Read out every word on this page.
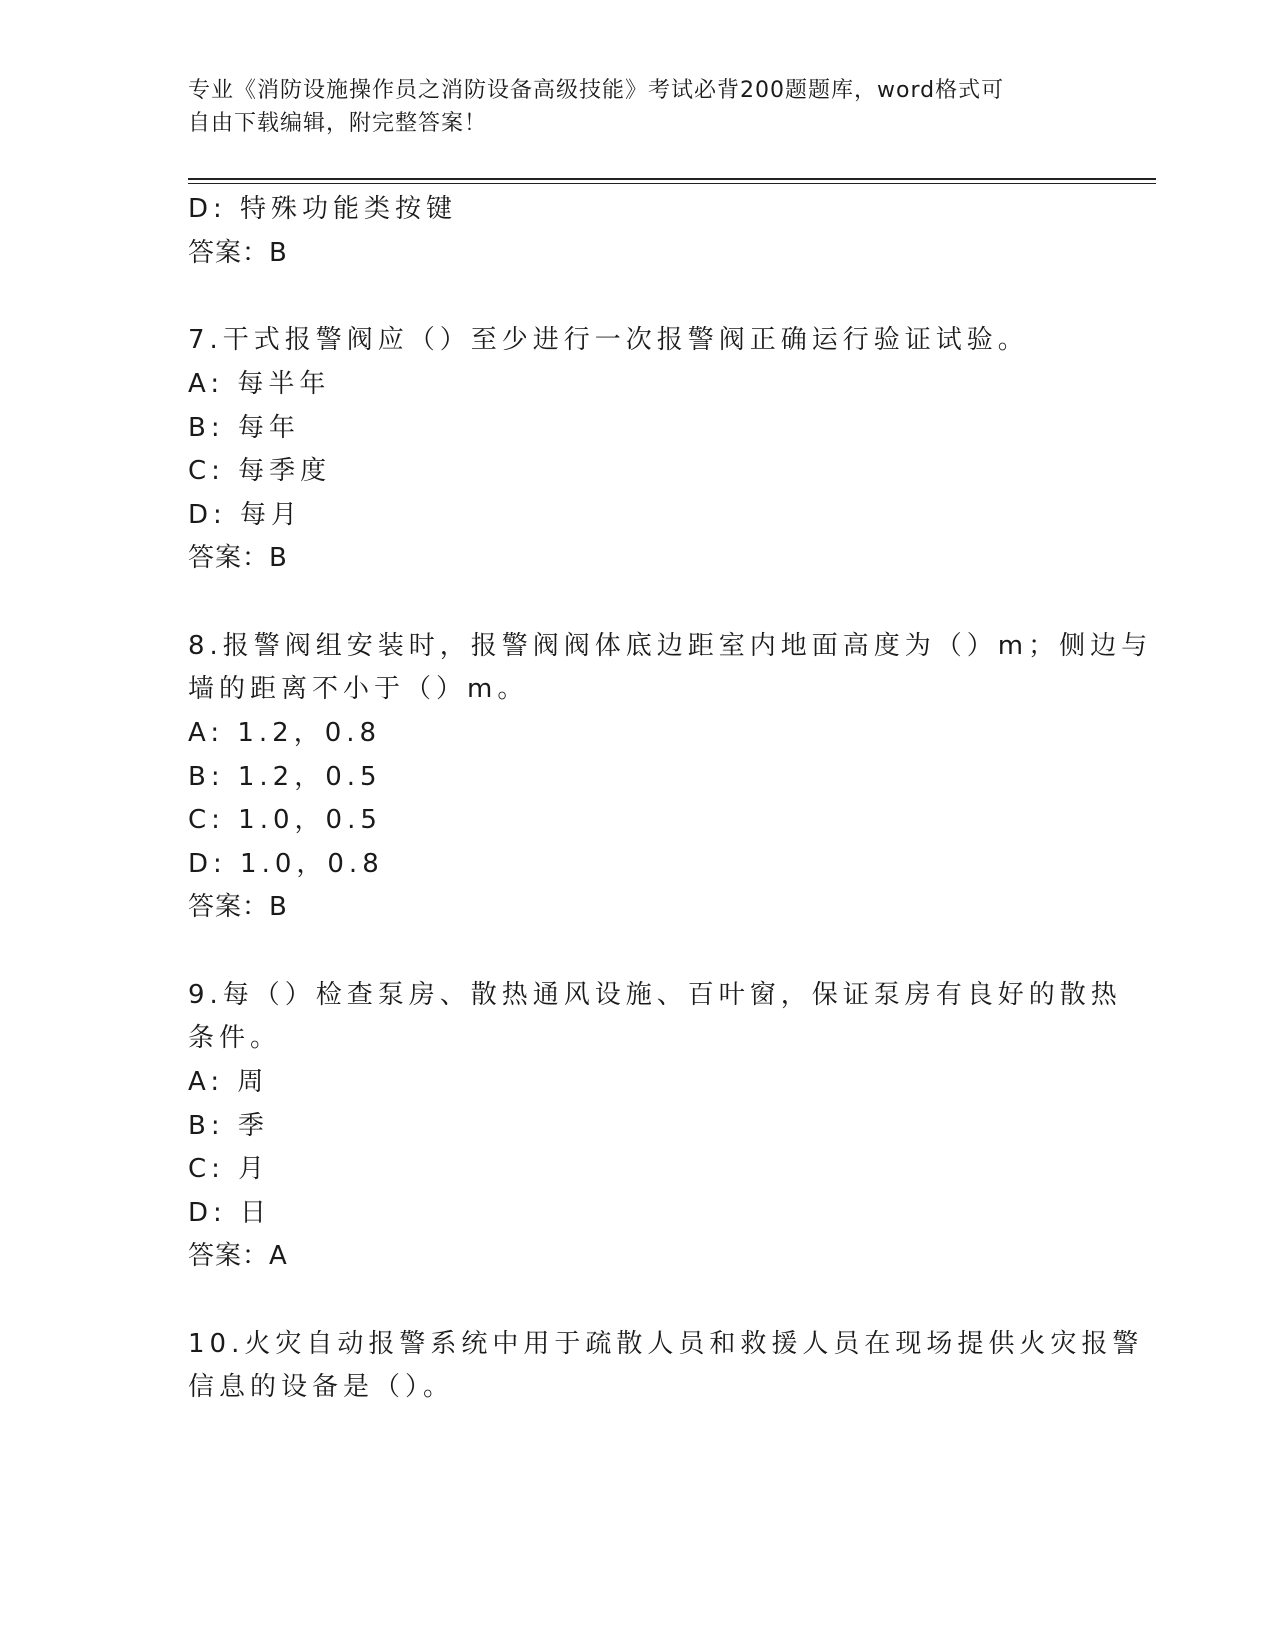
专业《消防设施操作员之消防设备高级技能》考试必背200题题库，word格式可
自由下载编辑，附完整答案！
D: 特殊功能类按键
答案：B
7.干式报警阀应（）至少进行一次报警阀正确运行验证试验。
A: 每半年
B: 每年
C: 每季度
D: 每月
答案：B
8.报警阀组安装时，报警阀阀体底边距室内地面高度为（）m；侧边与
墙的距离不小于（）m。
A: 1.2，0.8
B: 1.2，0.5
C: 1.0，0.5
D: 1.0，0.8
答案：B
9.每（）检查泵房、散热通风设施、百叶窗，保证泵房有良好的散热
条件。
A: 周
B: 季
C: 月
D: 日
答案：A
10.火灾自动报警系统中用于疏散人员和救援人员在现场提供火灾报警
信息的设备是（）。
